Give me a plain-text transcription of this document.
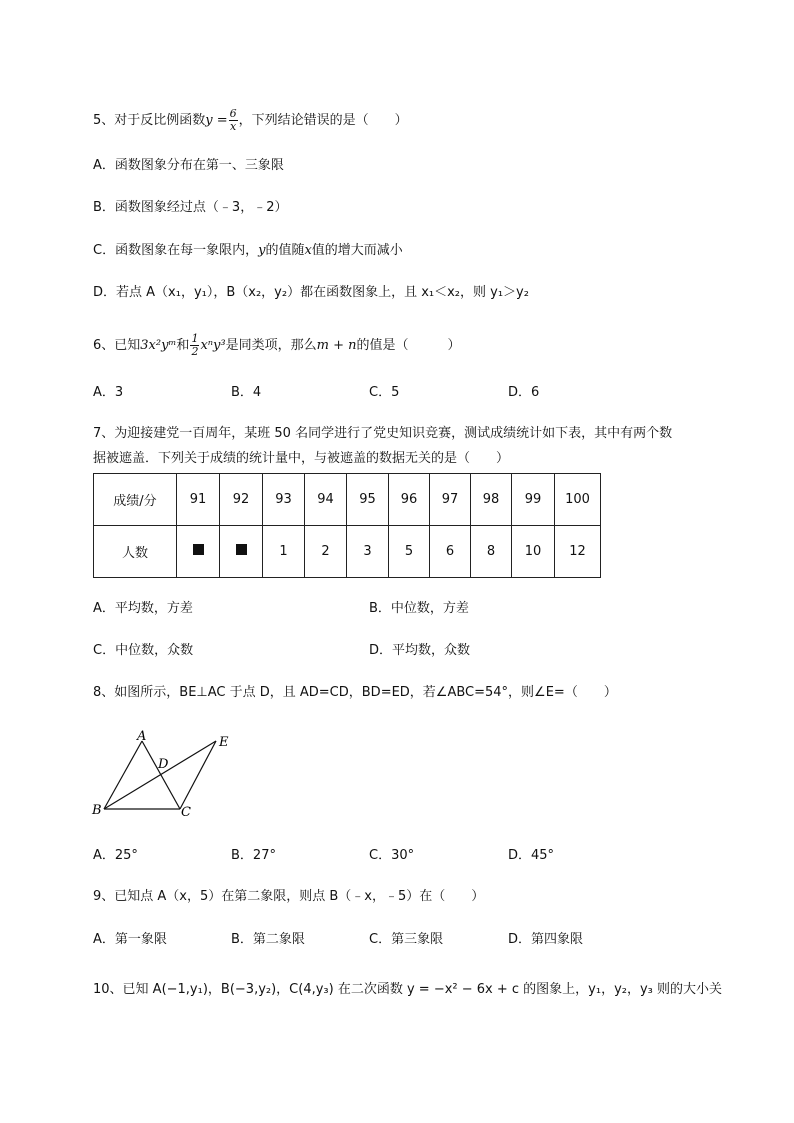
5、对于反比例函数$y = \frac{6}{x}$ ，下列结论错误的是（　　）
A．函数图象分布在第一、三象限
B．函数图象经过点（﹣3，﹣2）
C．函数图象在每一象限内，y的值随x值的增大而减小
D．若点 A（x₁，y₁），B（x₂，y₂）都在函数图象上，且 x₁＜x₂，则 y₁＞y₂
6、已知3x²yᵐ和 $\frac{1}{2} x^ny^3$是同类项，那么m + n的值是（　　　）
A．3	B．4	C．5	D．6
7、为迎接建党一百周年，某班 50 名同学进行了党史知识竞赛，测试成绩统计如下表，其中有两个数
据被遮盖．下列关于成绩的统计量中，与被遮盖的数据无关的是（　　）
成绩/分	91	92	93	94	95	96	97	98	99	100
人数			1	2	3	5	6	8	10	12
A．平均数，方差	B．中位数，方差
C．中位数，众数	D．平均数，众数
8、如图所示，BE⊥AC 于点 D，且 AD=CD，BD=ED，若∠ABC=54°，则∠E=（　　）
A
B	C
D
E
A．25°	B．27°	C．30°	D．45°
9、已知点 A（x，5）在第二象限，则点 B（﹣x，﹣5）在（　　）
A．第一象限	B．第二象限	C．第三象限	D．第四象限
10、已知 A(−1,y₁)，B(−3,y₂)，C(4,y₃) 在二次函数 y = −x² − 6x + c 的图象上，y₁，y₂，y₃ 则的大小关
